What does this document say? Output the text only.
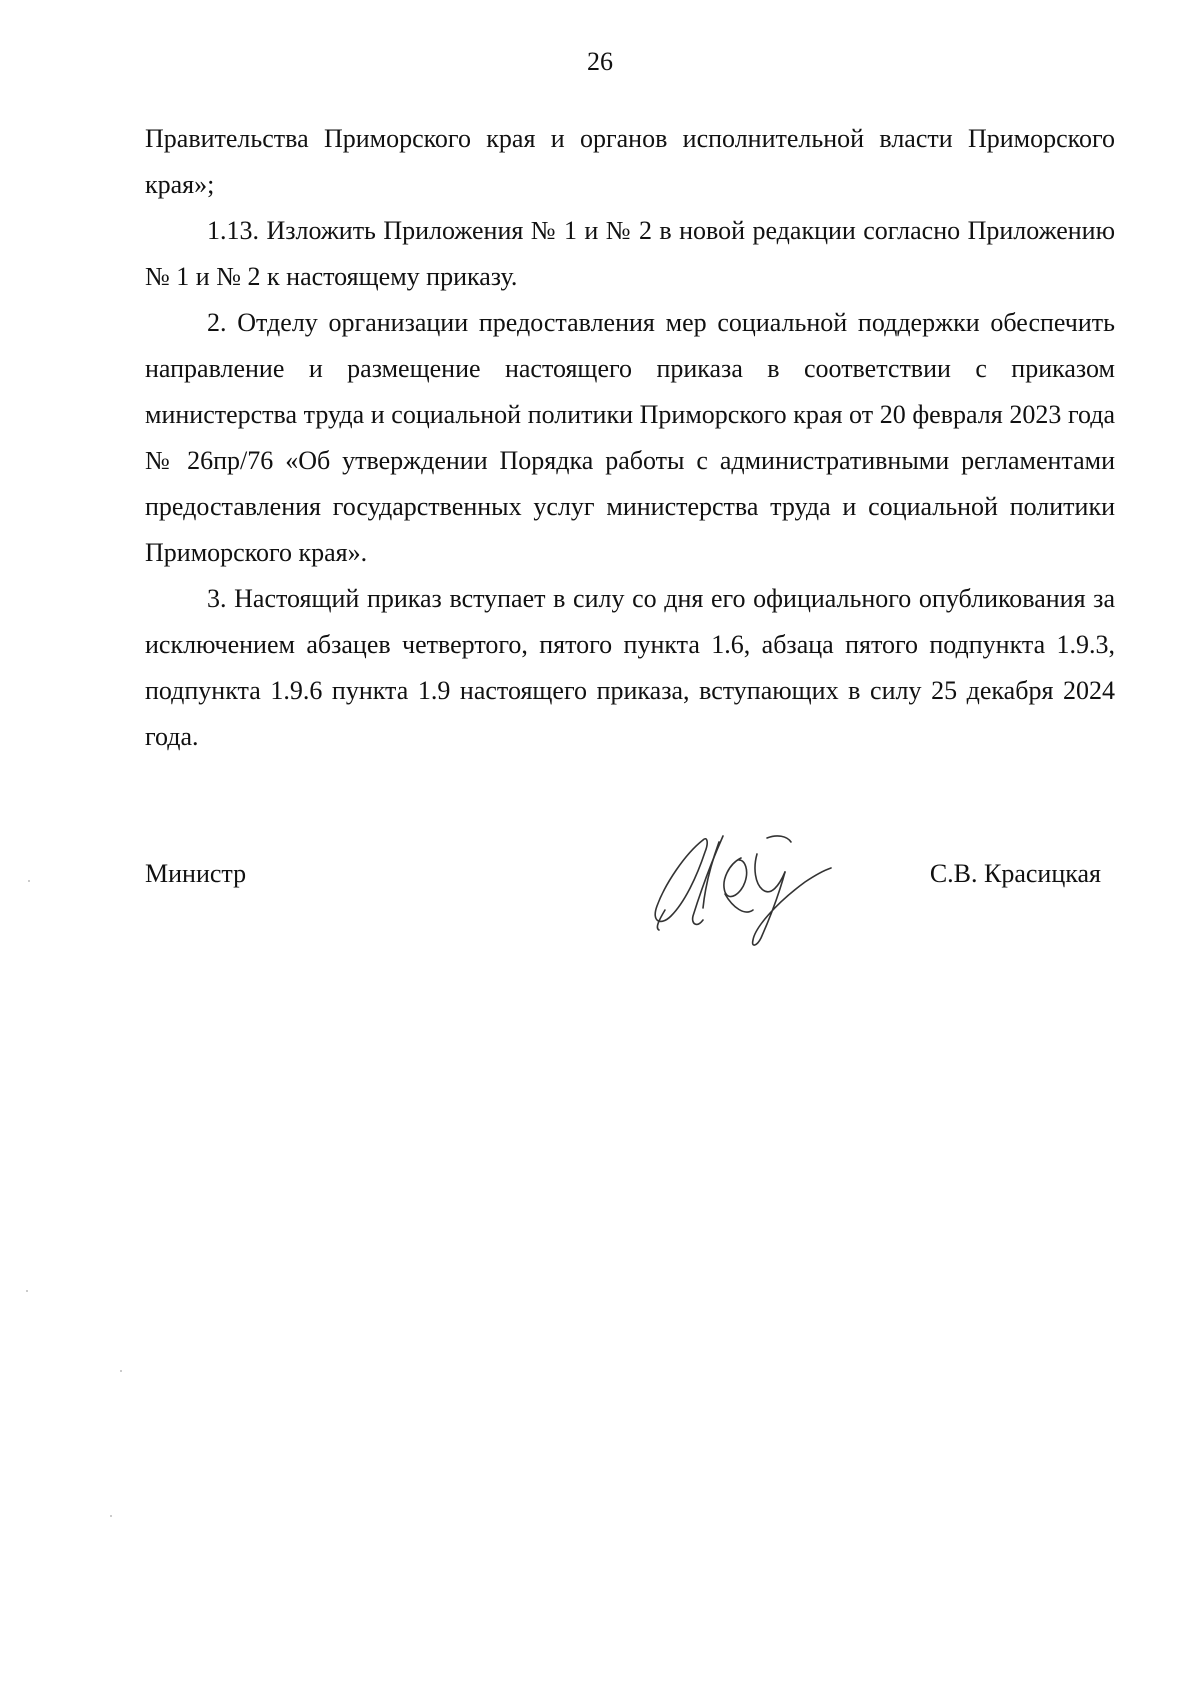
26

Правительства Приморского края и органов исполнительной власти Приморского края»;

1.13. Изложить Приложения № 1 и № 2 в новой редакции согласно Приложению № 1 и № 2 к настоящему приказу.

2. Отделу организации предоставления мер социальной поддержки обеспечить направление и размещение настоящего приказа в соответствии с приказом министерства труда и социальной политики Приморского края от 20 февраля 2023 года № 26пр/76 «Об утверждении Порядка работы с административными регламентами предоставления государственных услуг министерства труда и социальной политики Приморского края».

3. Настоящий приказ вступает в силу со дня его официального опубликования за исключением абзацев четвертого, пятого пункта 1.6, абзаца пятого подпункта 1.9.3, подпункта 1.9.6 пункта 1.9 настоящего приказа, вступающих в силу 25 декабря 2024 года.

Министр	С.В. Красицкая
